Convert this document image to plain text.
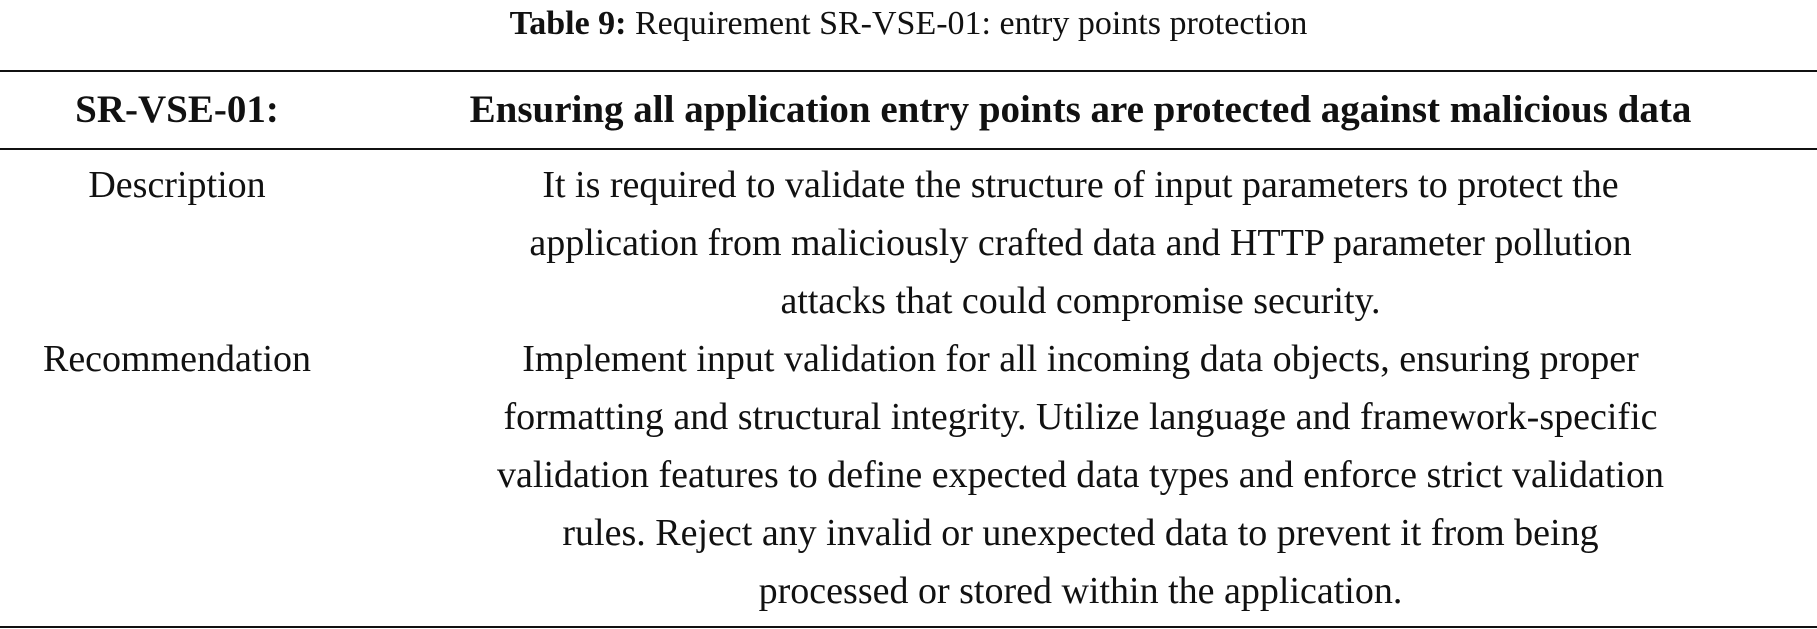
Table 9: Requirement SR-VSE-01: entry points protection
SR-VSE-01:	Ensuring all application entry points are protected against malicious data
Description	It is required to validate the structure of input parameters to protect the
application from maliciously crafted data and HTTP parameter pollution
attacks that could compromise security.
Recommendation	Implement input validation for all incoming data objects, ensuring proper
formatting and structural integrity. Utilize language and framework-specific
validation features to define expected data types and enforce strict validation
rules. Reject any invalid or unexpected data to prevent it from being
processed or stored within the application.
